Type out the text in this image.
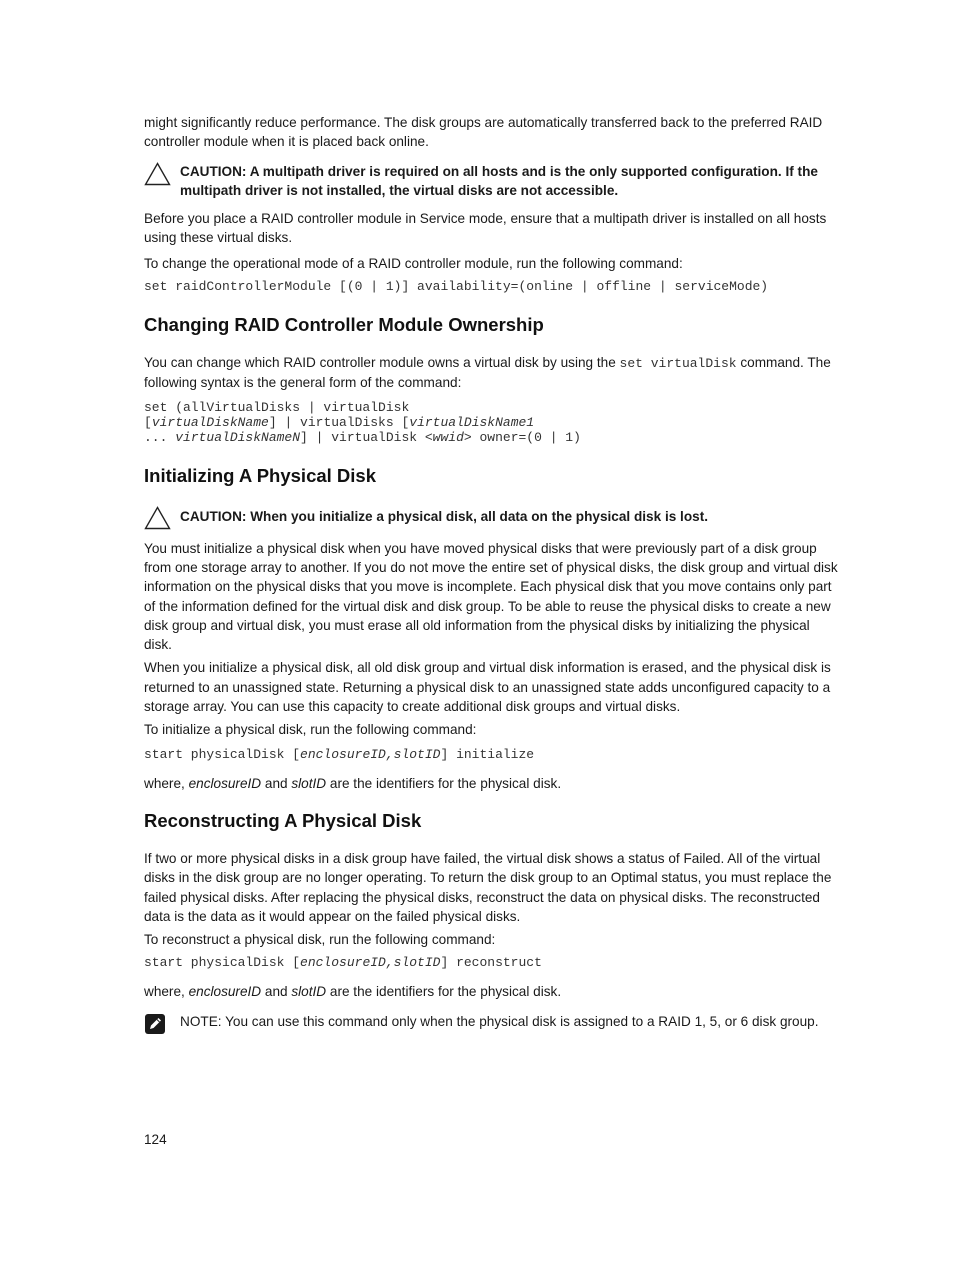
might significantly reduce performance. The disk groups are automatically transferred back to the preferred RAID controller module when it is placed back online.

CAUTION: A multipath driver is required on all hosts and is the only supported configuration. If the multipath driver is not installed, the virtual disks are not accessible.

Before you place a RAID controller module in Service mode, ensure that a multipath driver is installed on all hosts using these virtual disks.

To change the operational mode of a RAID controller module, run the following command:

set raidControllerModule [(0 | 1)] availability=(online | offline | serviceMode)
Changing RAID Controller Module Ownership

You can change which RAID controller module owns a virtual disk by using the set virtualDisk command. The following syntax is the general form of the command:

set (allVirtualDisks | virtualDisk
[virtualDiskName] | virtualDisks [virtualDiskName1
... virtualDiskNameN] | virtualDisk <wwid> owner=(0 | 1)
Initializing A Physical Disk

CAUTION: When you initialize a physical disk, all data on the physical disk is lost.

You must initialize a physical disk when you have moved physical disks that were previously part of a disk group from one storage array to another. If you do not move the entire set of physical disks, the disk group and virtual disk information on the physical disks that you move is incomplete. Each physical disk that you move contains only part of the information defined for the virtual disk and disk group. To be able to reuse the physical disks to create a new disk group and virtual disk, you must erase all old information from the physical disks by initializing the physical disk.

When you initialize a physical disk, all old disk group and virtual disk information is erased, and the physical disk is returned to an unassigned state. Returning a physical disk to an unassigned state adds unconfigured capacity to a storage array. You can use this capacity to create additional disk groups and virtual disks.

To initialize a physical disk, run the following command:

start physicalDisk [enclosureID,slotID] initialize

where, enclosureID and slotID are the identifiers for the physical disk.

Reconstructing A Physical Disk

If two or more physical disks in a disk group have failed, the virtual disk shows a status of Failed. All of the virtual disks in the disk group are no longer operating. To return the disk group to an Optimal status, you must replace the failed physical disks. After replacing the physical disks, reconstruct the data on physical disks. The reconstructed data is the data as it would appear on the failed physical disks.

To reconstruct a physical disk, run the following command:

start physicalDisk [enclosureID,slotID] reconstruct

where, enclosureID and slotID are the identifiers for the physical disk.

NOTE: You can use this command only when the physical disk is assigned to a RAID 1, 5, or 6 disk group.

124
